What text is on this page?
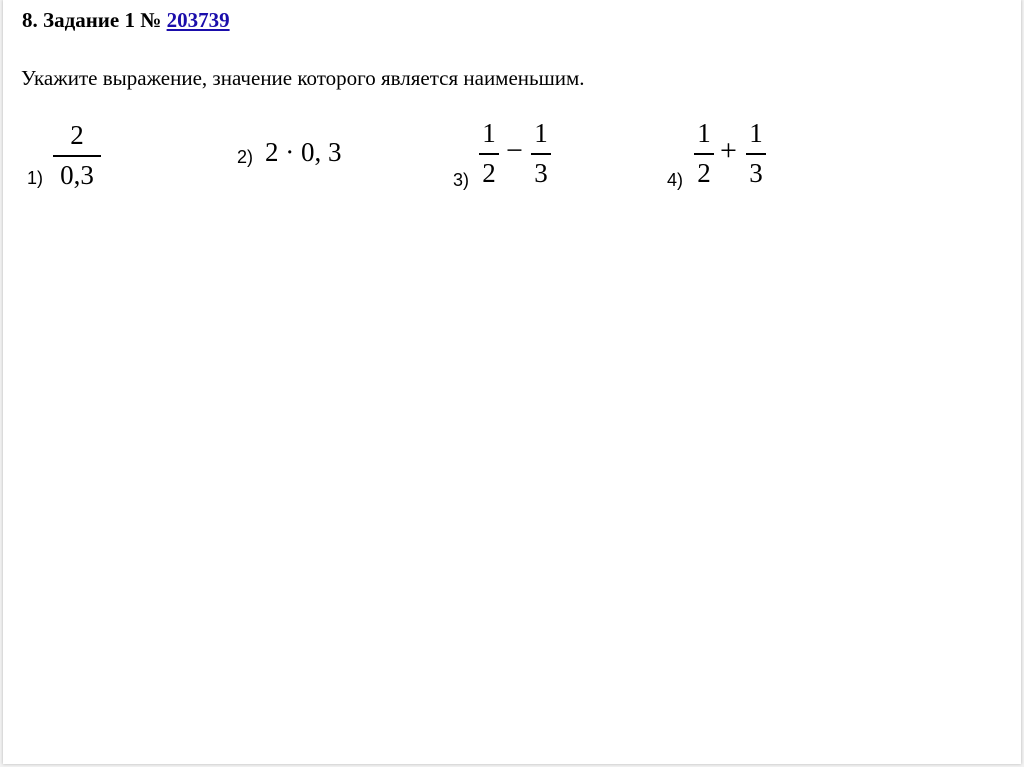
8. Задание 1 № 203739
Укажите выражение, значение которого является наименьшим.
1)
2
0,3
2) 2 · 0, 3
3)
1
2
−
1
3	4)
1
2
+
1
3
